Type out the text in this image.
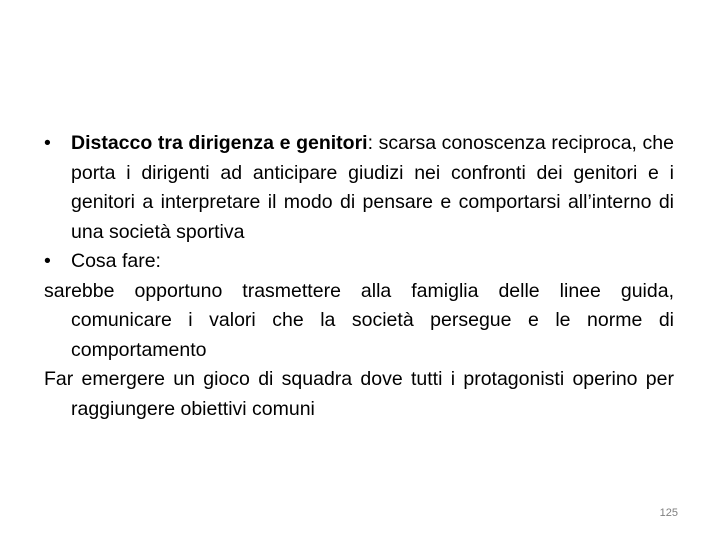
• Distacco tra dirigenza e genitori: scarsa conoscenza reciproca, che porta i dirigenti ad anticipare giudizi nei confronti dei genitori e i genitori a interpretare il modo di pensare e comportarsi all’interno di una società sportiva

• Cosa fare:

sarebbe opportuno trasmettere alla famiglia delle linee guida, comunicare i valori che la società persegue e le norme di comportamento

Far emergere un gioco di squadra dove tutti i protagonisti operino per raggiungere obiettivi comuni

125
